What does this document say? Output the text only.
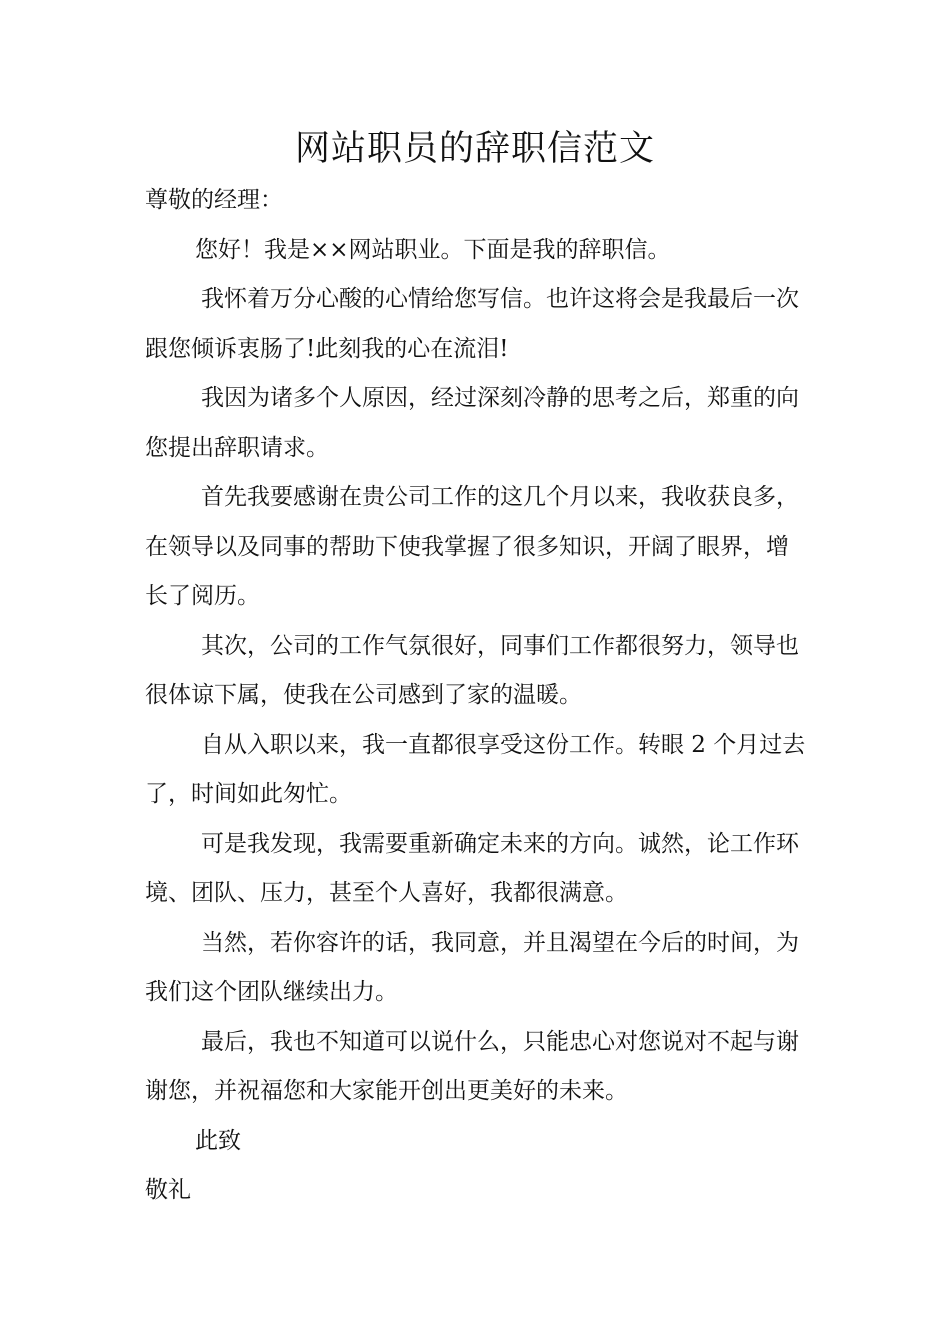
网站职员的辞职信范文

尊敬的经理：

您好！我是××网站职业。下面是我的辞职信。

我怀着万分心酸的心情给您写信。也许这将会是我最后一次跟您倾诉衷肠了!此刻我的心在流泪!

我因为诸多个人原因，经过深刻冷静的思考之后，郑重的向您提出辞职请求。

首先我要感谢在贵公司工作的这几个月以来，我收获良多，在领导以及同事的帮助下使我掌握了很多知识，开阔了眼界，增长了阅历。

其次，公司的工作气氛很好，同事们工作都很努力，领导也很体谅下属，使我在公司感到了家的温暖。

自从入职以来，我一直都很享受这份工作。转眼 2 个月过去了，时间如此匆忙。

可是我发现，我需要重新确定未来的方向。诚然，论工作环境、团队、压力，甚至个人喜好，我都很满意。

当然，若你容许的话，我同意，并且渴望在今后的时间，为我们这个团队继续出力。

最后，我也不知道可以说什么，只能忠心对您说对不起与谢谢您，并祝福您和大家能开创出更美好的未来。

此致

敬礼
